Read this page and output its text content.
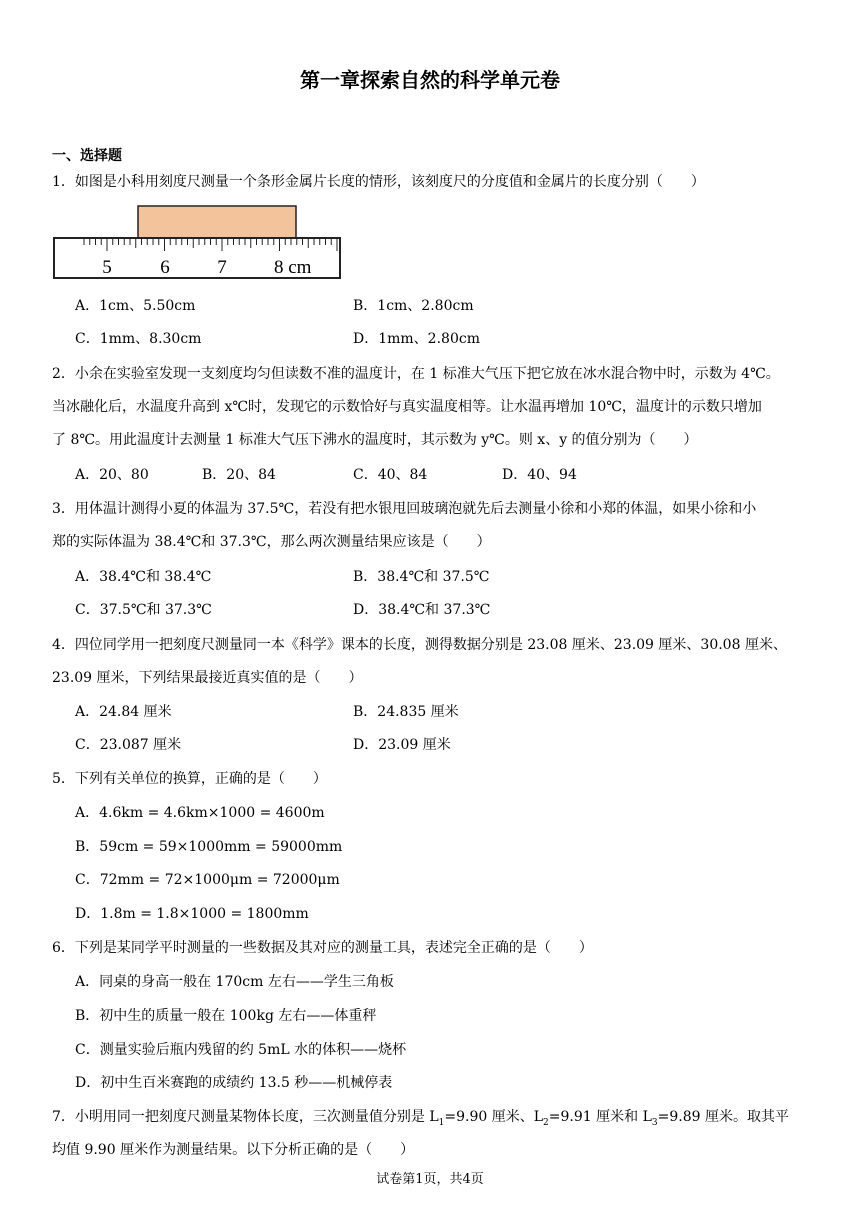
第一章探索自然的科学单元卷
一、选择题
1．如图是小科用刻度尺测量一个条形金属片长度的情形，该刻度尺的分度值和金属片的长度分别（　　）
5	6	7 8 cm
A．1cm、5.50cm	B．1cm、2.80cm
C．1mm、8.30cm	D．1mm、2.80cm
2．小余在实验室发现一支刻度均匀但读数不准的温度计，在 1 标准大气压下把它放在冰水混合物中时，示数为 4℃。
当冰融化后，水温度升高到 x℃时，发现它的示数恰好与真实温度相等。让水温再增加 10℃，温度计的示数只增加
了 8℃。用此温度计去测量 1 标准大气压下沸水的温度时，其示数为 y℃。则 x、y 的值分别为（　　）
A．20、80	B．20、84	C．40、84	D．40、94
3．用体温计测得小夏的体温为 37.5℃，若没有把水银甩回玻璃泡就先后去测量小徐和小郑的体温，如果小徐和小
郑的实际体温为 38.4℃和 37.3℃，那么两次测量结果应该是（　　）
A．38.4℃和 38.4℃	B．38.4℃和 37.5℃
C．37.5℃和 37.3℃	D．38.4℃和 37.3℃
4．四位同学用一把刻度尺测量同一本《科学》课本的长度，测得数据分别是 23.08 厘米、23.09 厘米、30.08 厘米、
23.09 厘米，下列结果最接近真实值的是（　　）
A．24.84 厘米	B．24.835 厘米
C．23.087 厘米	D．23.09 厘米
5．下列有关单位的换算，正确的是（　　）
A．4.6km = 4.6km×1000 = 4600m
B．59cm = 59×1000mm = 59000mm
C．72mm = 72×1000μm = 72000μm
D．1.8m = 1.8×1000 = 1800mm
6．下列是某同学平时测量的一些数据及其对应的测量工具，表述完全正确的是（　　）
A．同桌的身高一般在 170cm 左右——学生三角板
B．初中生的质量一般在 100kg 左右——体重秤
C．测量实验后瓶内残留的约 5mL 水的体积——烧杯
D．初中生百米赛跑的成绩约 13.5 秒——机械停表
7．小明用同一把刻度尺测量某物体长度，三次测量值分别是 $L_1=9.90$ 厘米、$L_2=9.91$ 厘米和 $L_3=9.89$ 厘米。取其平
均值 9.90 厘米作为测量结果。以下分析正确的是（　　）
试卷第1页，共4页
